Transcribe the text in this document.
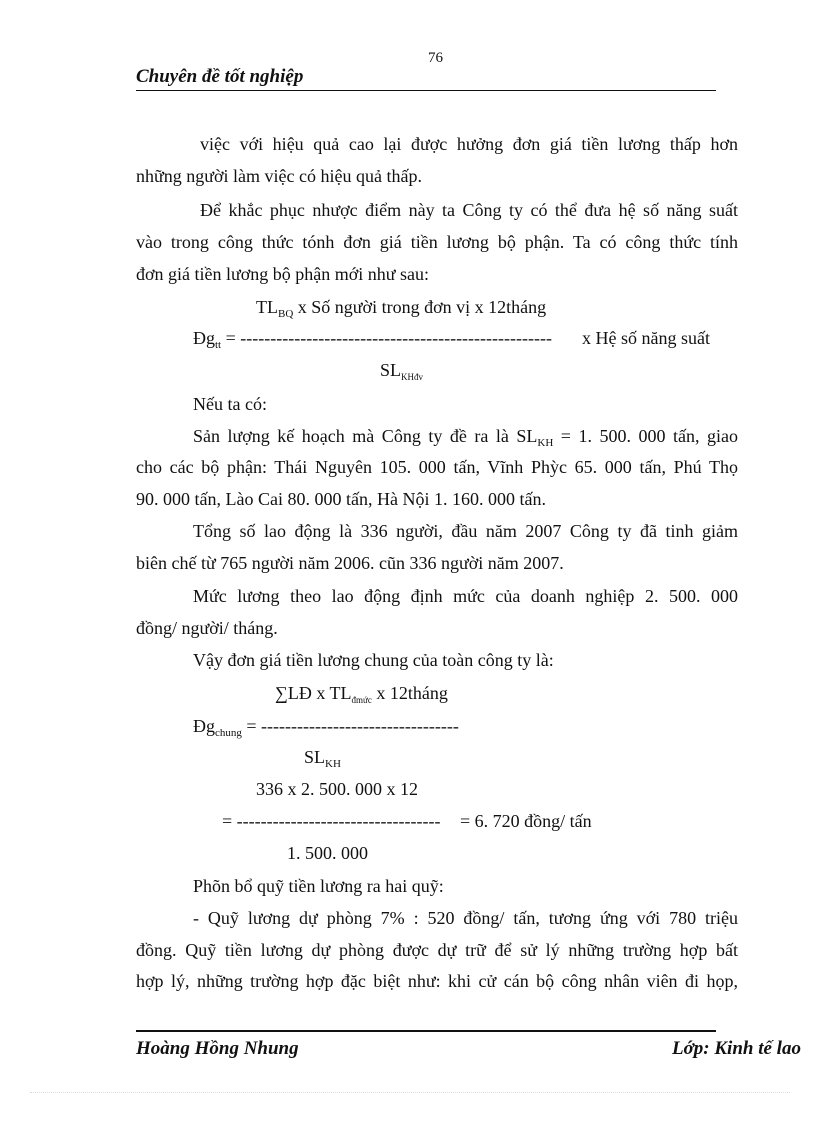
76
Chuyên đề tốt nghiệp
việc với hiệu quả cao lại được hưởng đơn giá tiền lương thấp hơn
những người làm việc có hiệu quả thấp.
Để khắc phục nhược điểm này ta Công ty có thể đưa hệ số năng suất
vào trong công thức tónh đơn giá tiền lương bộ phận. Ta có công thức tính
đơn giá tiền lương bộ phận mới như sau:
$TL_{BQ}$ x Số người trong đơn vị x 12tháng
$Đg_{tt}$ = ---------------------------------------------------- x Hệ số năng suất
$SL_{KHđv}$
Nếu ta có:
Sản lượng kế hoạch mà Công ty đề ra là $SL_{KH} = 1$. 500. 000 tấn, giao
cho các bộ phận: Thái Nguyên 105. 000 tấn, Vĩnh Phỳc 65. 000 tấn, Phú Thọ
90. 000 tấn, Lào Cai 80. 000 tấn, Hà Nội 1. 160. 000 tấn.
Tổng số lao động là 336 người, đầu năm 2007 Công ty đã tinh giảm
biên chế từ 765 người năm 2006. cũn 336 người năm 2007.
Mức lương theo lao động định mức của doanh nghiệp 2. 500. 000
đồng/ người/ tháng.
Vậy đơn giá tiền lương chung của toàn công ty là:
∑LĐ x $TL_{đmức}$ x 12tháng
$Đg_{chung}$ = ---------------------------------
$SL_{KH}$
336 x 2. 500. 000 x 12
= ---------------------------------- = 6. 720 đồng/ tấn
1. 500. 000
Phõn bổ quỹ tiền lương ra hai quỹ:
- Quỹ lương dự phòng 7% : 520 đồng/ tấn, tương ứng với 780 triệu
đồng. Quỹ tiền lương dự phòng được dự trữ để sử lý những trường hợp bất
hợp lý, những trường hợp đặc biệt như: khi cử cán bộ công nhân viên đi họp,
Hoàng Hồng Nhung	Lớp: Kinh tế lao
